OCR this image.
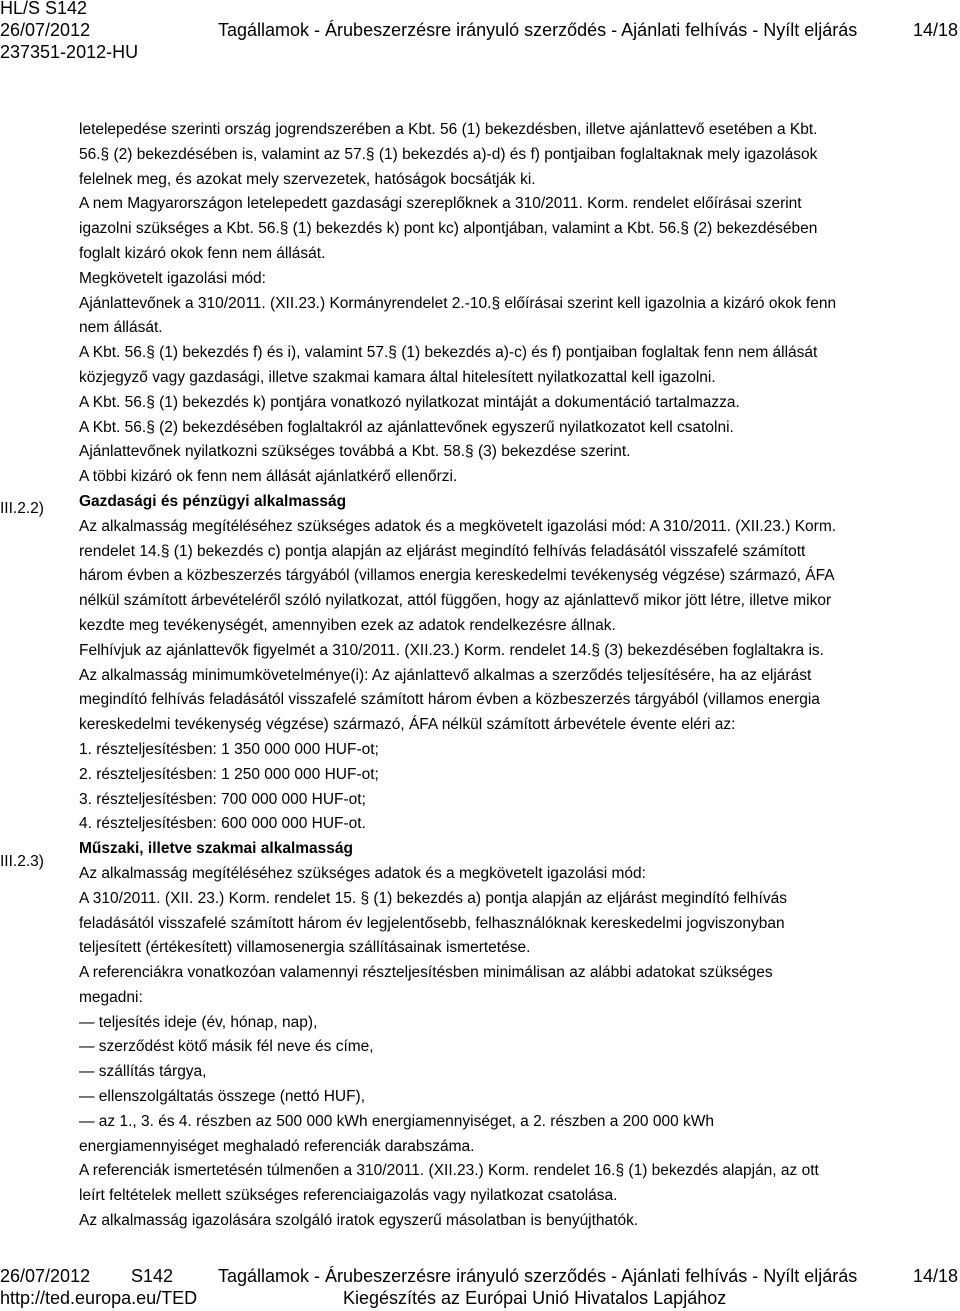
HL/S S142
26/07/2012	Tagállamok - Árubeszerzésre irányuló szerződés - Ajánlati felhívás - Nyílt eljárás	14/18
237351-2012-HU
III.2.2)
III.2.3)
letelepedése szerinti ország jogrendszerében a Kbt. 56 (1) bekezdésben, illetve ajánlattevő esetében a Kbt.
56.§ (2) bekezdésében is, valamint az 57.§ (1) bekezdés a)-d) és f) pontjaiban foglaltaknak mely igazolások
felelnek meg, és azokat mely szervezetek, hatóságok bocsátják ki.
A nem Magyarországon letelepedett gazdasági szereplőknek a 310/2011. Korm. rendelet előírásai szerint
igazolni szükséges a Kbt. 56.§ (1) bekezdés k) pont kc) alpontjában, valamint a Kbt. 56.§ (2) bekezdésében
foglalt kizáró okok fenn nem állását.
Megkövetelt igazolási mód:
Ajánlattevőnek a 310/2011. (XII.23.) Kormányrendelet 2.-10.§ előírásai szerint kell igazolnia a kizáró okok fenn
nem állását.
A Kbt. 56.§ (1) bekezdés f) és i), valamint 57.§ (1) bekezdés a)-c) és f) pontjaiban foglaltak fenn nem állását
közjegyző vagy gazdasági, illetve szakmai kamara által hitelesített nyilatkozattal kell igazolni.
A Kbt. 56.§ (1) bekezdés k) pontjára vonatkozó nyilatkozat mintáját a dokumentáció tartalmazza.
A Kbt. 56.§ (2) bekezdésében foglaltakról az ajánlattevőnek egyszerű nyilatkozatot kell csatolni.
Ajánlattevőnek nyilatkozni szükséges továbbá a Kbt. 58.§ (3) bekezdése szerint.
A többi kizáró ok fenn nem állását ajánlatkérő ellenőrzi.
Gazdasági és pénzügyi alkalmasság
Az alkalmasság megítéléséhez szükséges adatok és a megkövetelt igazolási mód: A 310/2011. (XII.23.) Korm.
rendelet 14.§ (1) bekezdés c) pontja alapján az eljárást megindító felhívás feladásától visszafelé számított
három évben a közbeszerzés tárgyából (villamos energia kereskedelmi tevékenység végzése) származó, ÁFA
nélkül számított árbevételéről szóló nyilatkozat, attól függően, hogy az ajánlattevő mikor jött létre, illetve mikor
kezdte meg tevékenységét, amennyiben ezek az adatok rendelkezésre állnak.
Felhívjuk az ajánlattevők figyelmét a 310/2011. (XII.23.) Korm. rendelet 14.§ (3) bekezdésében foglaltakra is.
Az alkalmasság minimumkövetelménye(i): Az ajánlattevő alkalmas a szerződés teljesítésére, ha az eljárást
megindító felhívás feladásától visszafelé számított három évben a közbeszerzés tárgyából (villamos energia
kereskedelmi tevékenység végzése) származó, ÁFA nélkül számított árbevétele évente eléri az:
1. részteljesítésben: 1 350 000 000 HUF-ot;
2. részteljesítésben: 1 250 000 000 HUF-ot;
3. részteljesítésben: 700 000 000 HUF-ot;
4. részteljesítésben: 600 000 000 HUF-ot.
Műszaki, illetve szakmai alkalmasság
Az alkalmasság megítéléséhez szükséges adatok és a megkövetelt igazolási mód:
A 310/2011. (XII. 23.) Korm. rendelet 15. § (1) bekezdés a) pontja alapján az eljárást megindító felhívás
feladásától visszafelé számított három év legjelentősebb, felhasználóknak kereskedelmi jogviszonyban
teljesített (értékesített) villamosenergia szállításainak ismertetése.
A referenciákra vonatkozóan valamennyi részteljesítésben minimálisan az alábbi adatokat szükséges
megadni:
— teljesítés ideje (év, hónap, nap),
— szerződést kötő másik fél neve és címe,
— szállítás tárgya,
— ellenszolgáltatás összege (nettó HUF),
— az 1., 3. és 4. részben az 500 000 kWh energiamennyiséget, a 2. részben a 200 000 kWh
energiamennyiséget meghaladó referenciák darabszáma.
A referenciák ismertetésén túlmenően a 310/2011. (XII.23.) Korm. rendelet 16.§ (1) bekezdés alapján, az ott
leírt feltételek mellett szükséges referenciaigazolás vagy nyilatkozat csatolása.
Az alkalmasság igazolására szolgáló iratok egyszerű másolatban is benyújthatók.
26/07/2012 S142 Tagállamok - Árubeszerzésre irányuló szerződés - Ajánlati felhívás - Nyílt eljárás	14/18
http://ted.europa.eu/TED	Kiegészítés az Európai Unió Hivatalos Lapjához
